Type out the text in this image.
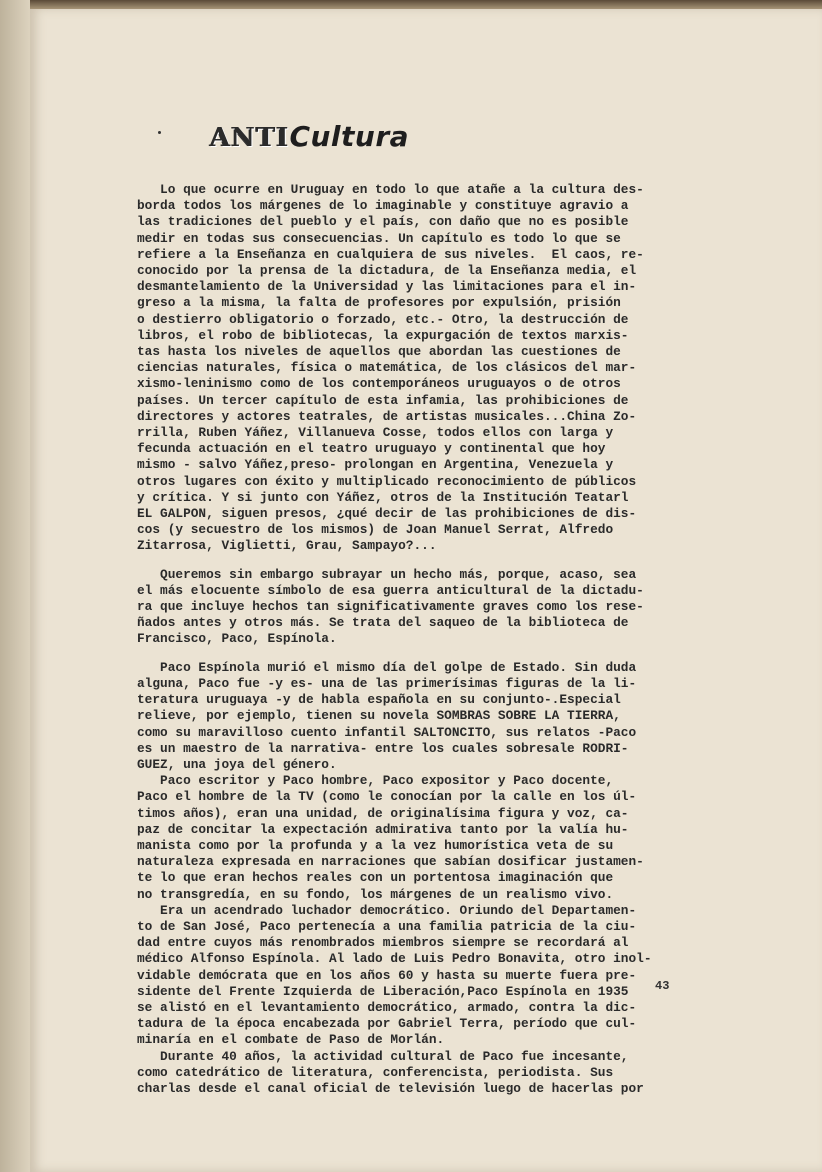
ANTI Cultura
Lo que ocurre en Uruguay en todo lo que atañe a la cultura des-
borda todos los márgenes de lo imaginable y constituye agravio a
las tradiciones del pueblo y el país, con daño que no es posible
medir en todas sus consecuencias. Un capítulo es todo lo que se
refiere a la Enseñanza en cualquiera de sus niveles.  El caos, re-
conocido por la prensa de la dictadura, de la Enseñanza media, el
desmantelamiento de la Universidad y las limitaciones para el in-
greso a la misma, la falta de profesores por expulsión, prisión
o destierro obligatorio o forzado, etc.- Otro, la destrucción de
libros, el robo de bibliotecas, la expurgación de textos marxis-
tas hasta los niveles de aquellos que abordan las cuestiones de
ciencias naturales, física o matemática, de los clásicos del mar-
xismo-leninismo como de los contemporáneos uruguayos o de otros
países. Un tercer capítulo de esta infamia, las prohibiciones de
directores y actores teatrales, de artistas musicales...China Zo-
rrilla, Ruben Yáñez, Villanueva Cosse, todos ellos con larga y
fecunda actuación en el teatro uruguayo y continental que hoy
mismo - salvo Yáñez,preso- prolongan en Argentina, Venezuela y
otros lugares con éxito y multiplicado reconocimiento de públicos
y crítica. Y si junto con Yáñez, otros de la Institución Teatarl
EL GALPON, siguen presos, ¿qué decir de las prohibiciones de dis-
cos (y secuestro de los mismos) de Joan Manuel Serrat, Alfredo
Zitarrosa, Viglietti, Grau, Sampayo?...
Queremos sin embargo subrayar un hecho más, porque, acaso, sea
el más elocuente símbolo de esa guerra anticultural de la dictadu-
ra que incluye hechos tan significativamente graves como los rese-
ñados antes y otros más. Se trata del saqueo de la biblioteca de
Francisco, Paco, Espínola.
Paco Espínola murió el mismo día del golpe de Estado. Sin duda
alguna, Paco fue -y es- una de las primerísimas figuras de la li-
teratura uruguaya -y de habla española en su conjunto-.Especial
relieve, por ejemplo, tienen su novela SOMBRAS SOBRE LA TIERRA,
como su maravilloso cuento infantil SALTONCITO, sus relatos -Paco
es un maestro de la narrativa- entre los cuales sobresale RODRI-
GUEZ, una joya del género.
Paco escritor y Paco hombre, Paco expositor y Paco docente,
Paco el hombre de la TV (como le conocían por la calle en los úl-
timos años), eran una unidad, de originalísima figura y voz, ca-
paz de concitar la expectación admirativa tanto por la valía hu-
manista como por la profunda y a la vez humorística veta de su
naturaleza expresada en narraciones que sabían dosificar justamen-
te lo que eran hechos reales con un portentosa imaginación que
no transgredía, en su fondo, los márgenes de un realismo vivo.
Era un acendrado luchador democrático. Oriundo del Departamen-
to de San José, Paco pertenecía a una familia patricia de la ciu-
dad entre cuyos más renombrados miembros siempre se recordará al
médico Alfonso Espínola. Al lado de Luis Pedro Bonavita, otro inol-
vidable demócrata que en los años 60 y hasta su muerte fuera pre-
sidente del Frente Izquierda de Liberación,Paco Espínola en 1935
se alistó en el levantamiento democrático, armado, contra la dic-
tadura de la época encabezada por Gabriel Terra, período que cul-
minaría en el combate de Paso de Morlán.
Durante 40 años, la actividad cultural de Paco fue incesante,
como catedrático de literatura, conferencista, periodista. Sus
charlas desde el canal oficial de televisión luego de hacerlas por
43
